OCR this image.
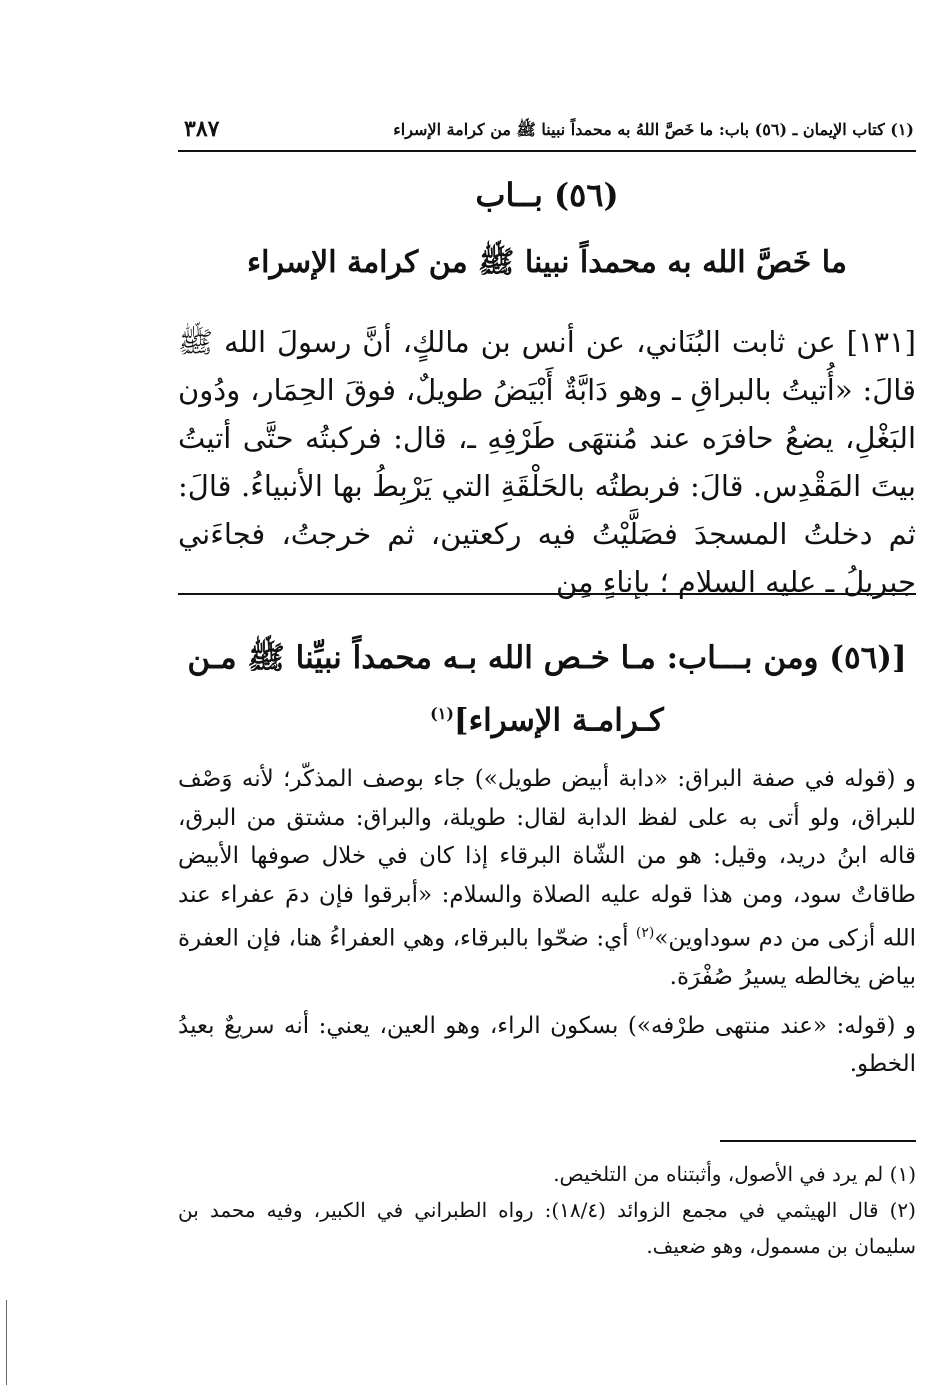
(١) كتاب الإيمان ـ (٥٦) باب: ما خَصَّ اللهُ به محمداً نبينا ﷺ من كرامة الإسراء
٣٨٧
(٥٦) بــاب
ما خَصَّ الله به محمداً نبينا ﷺ من كرامة الإسراء
[١٣١] عن ثابت البُنَاني، عن أنس بن مالكٍ، أنَّ رسولَ الله ﷺ قالَ: «أُتيتُ بالبراقِ ـ وهو دَابَّةٌ أَبْيَضُ طويلٌ، فوقَ الحِمَار، ودُون البَغْلِ، يضعُ حافرَه عند مُنتهَى طَرْفِهِ ـ، قال: فركبتُه حتَّى أتيتُ بيتَ المَقْدِس. قالَ: فربطتُه بالحَلْقَةِ التي يَرْبِطُ بها الأنبياءُ. قالَ: ثم دخلتُ المسجدَ فصَلَّيْتُ فيه ركعتين، ثم خرجتُ، فجاءَني جبريلُ ـ عليه السلام ؛ بإناءٍ مِن
[(٥٦) ومن بـــاب: مـا خـص الله بـه محمداً نبيِّنا ﷺ مـن كـرامـة الإسراء]$^{(١)}$

و (قوله في صفة البراق: «دابة أبيض طويل») جاء بوصف المذكّر؛ لأنه وَصْف للبراق، ولو أتى به على لفظ الدابة لقال: طويلة، والبراق: مشتق من البرق، قاله ابنُ دريد، وقيل: هو من الشّاة البرقاء إذا كان في خلال صوفها الأبيض طاقاتٌ سود، ومن هذا قوله عليه الصلاة والسلام: «أبرقوا فإن دمَ عفراء عند الله أزكى من دم سوداوين»$^{(٢)}$ أي: ضحّوا بالبرقاء، وهي العفراءُ هنا، فإن العفرة بياض يخالطه يسيرُ صُفْرَة.

و (قوله: «عند منتهى طرْفه») بسكون الراء، وهو العين، يعني: أنه سريعٌ بعيدُ الخطو.

(١) لم يرد في الأصول، وأثبتناه من التلخيص.

(٢) قال الهيثمي في مجمع الزوائد (١٨/٤): رواه الطبراني في الكبير، وفيه محمد بن سليمان بن مسمول، وهو ضعيف.
